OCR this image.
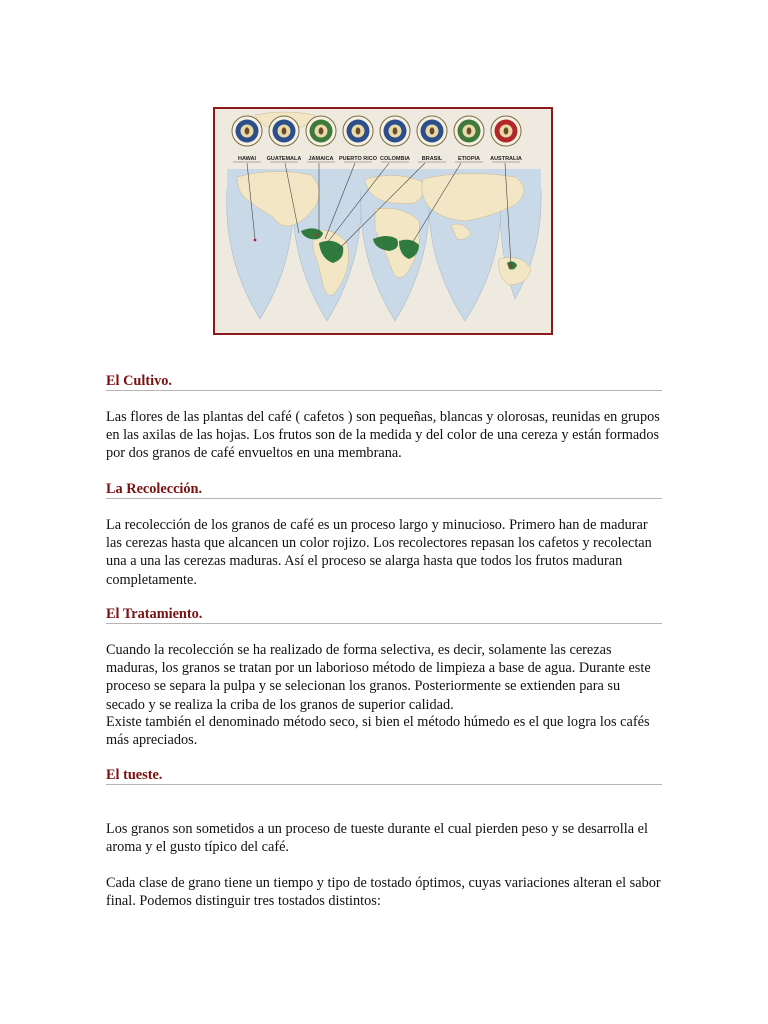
HAWAI GUATEMALA JAMAICA PUERTO RICO COLOMBIA BRASIL	ETIOPIA AUSTRALIA
El Cultivo.

Las flores de las plantas del café ( cafetos ) son pequeñas, blancas y olorosas, reunidas en grupos en las axilas de las hojas. Los frutos son de la medida y del color de una cereza y están formados por dos granos de café envueltos en una membrana.

La Recolección.

La recolección de los granos de café es un proceso largo y minucioso. Primero han de madurar las cerezas hasta que alcancen un color rojizo. Los recolectores repasan los cafetos y recolectan una a una las cerezas maduras. Así el proceso se alarga hasta que todos los frutos maduran completamente.

El Tratamiento.

Cuando la recolección se ha realizado de forma selectiva, es decir, solamente las cerezas maduras, los granos se tratan por un laborioso método de limpieza a base de agua. Durante este proceso se separa la pulpa y se selecionan los granos. Posteriormente se extienden para su secado y se realiza la criba de los granos de superior calidad.

Existe también el denominado método seco, si bien el método húmedo es el que logra los cafés más apreciados.

El tueste.

Los granos son sometidos a un proceso de tueste durante el cual pierden peso y se desarrolla el aroma y el gusto típico del café.

Cada clase de grano tiene un tiempo y tipo de tostado óptimos, cuyas variaciones alteran el sabor final. Podemos distinguir tres tostados distintos:
